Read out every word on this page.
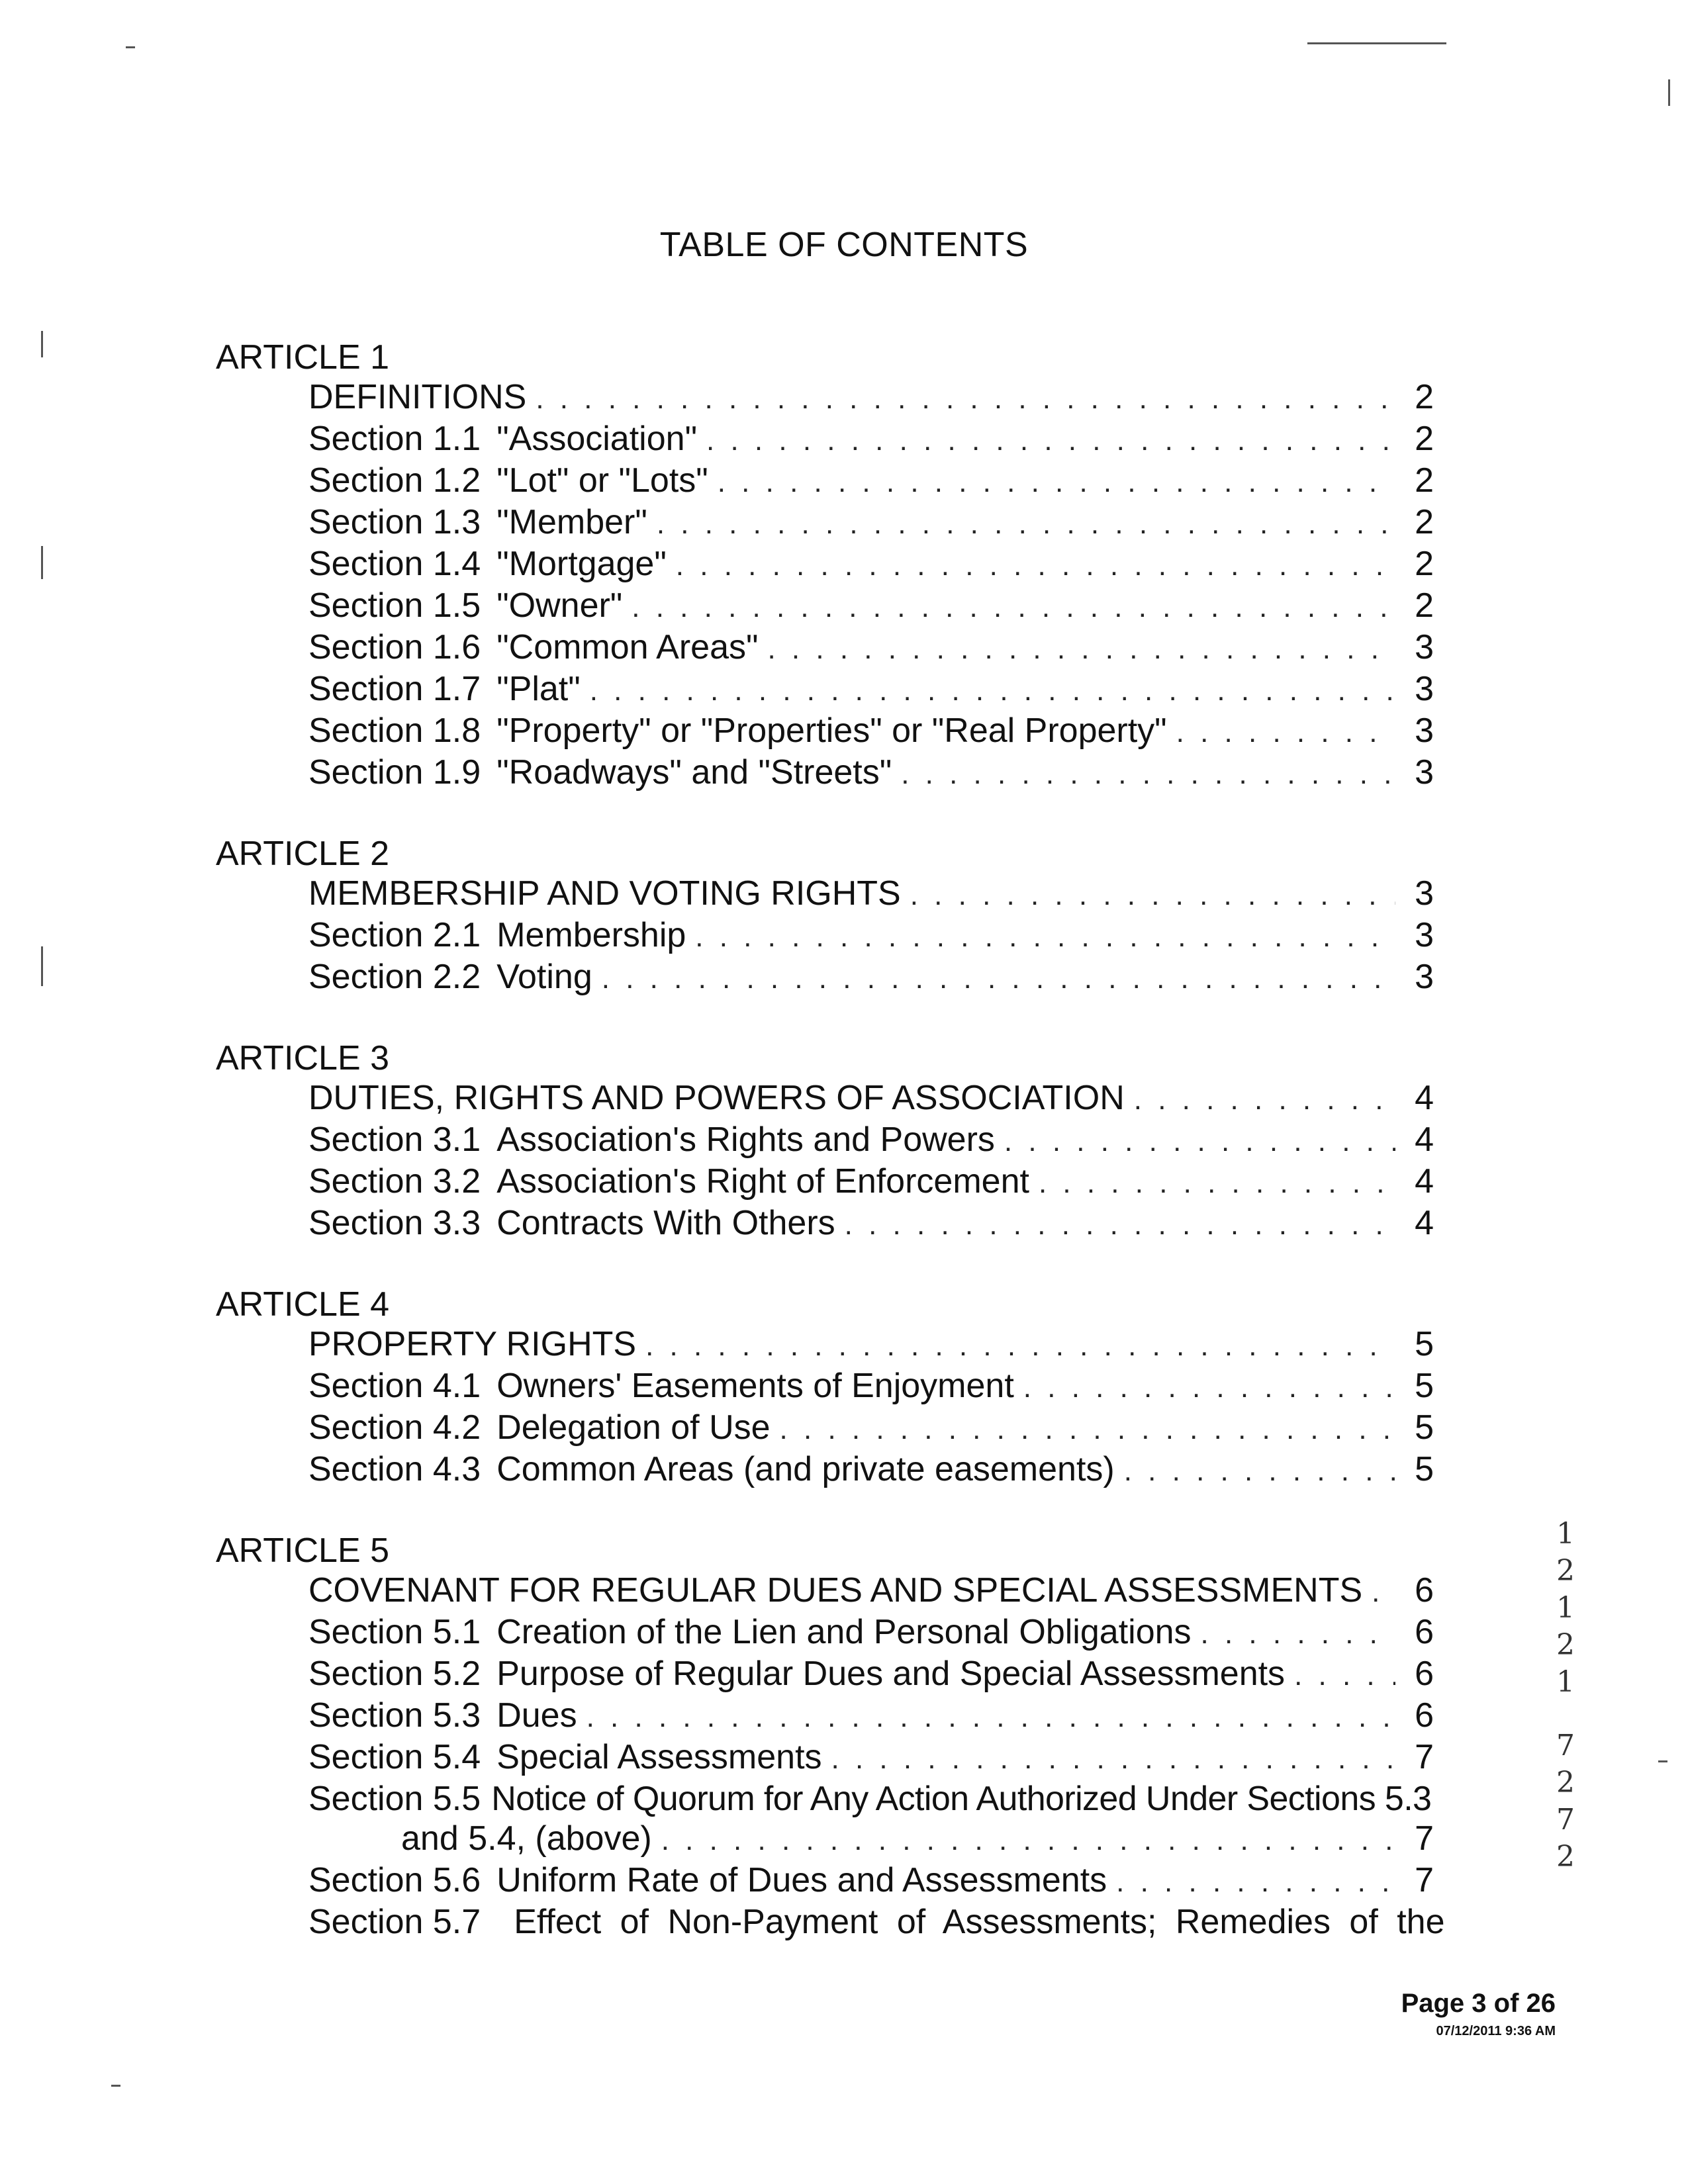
TABLE OF CONTENTS
ARTICLE 1
DEFINITIONS . . .	2
Section 1.1 "Association" . . .	2
Section 1.2 "Lot" or "Lots" . . .	2
Section 1.3 "Member" . . .	2
Section 1.4 "Mortgage" . . .	2
Section 1.5 "Owner" . . .	2
Section 1.6 "Common Areas" . . .	3
Section 1.7 "Plat" . . .	3
Section 1.8 "Property" or "Properties" or "Real Property" . . .	3
Section 1.9 "Roadways" and "Streets" . . .	3
ARTICLE 2
MEMBERSHIP AND VOTING RIGHTS . . .	3
Section 2.1 Membership . . .	3
Section 2.2 Voting . . .	3
ARTICLE 3
DUTIES, RIGHTS AND POWERS OF ASSOCIATION . . .	4
Section 3.1 Association's Rights and Powers . . .	4
Section 3.2 Association's Right of Enforcement . . .	4
Section 3.3 Contracts With Others . . .	4
ARTICLE 4
PROPERTY RIGHTS . . .	5
Section 4.1 Owners' Easements of Enjoyment . . .	5
Section 4.2 Delegation of Use . . .	5
Section 4.3 Common Areas (and private easements) . . .	5
ARTICLE 5
COVENANT FOR REGULAR DUES AND SPECIAL ASSESSMENTS . . . 6
Section 5.1 Creation of the Lien and Personal Obligations . . .	6
Section 5.2 Purpose of Regular Dues and Special Assessments . . .	6
Section 5.3 Dues . . .	6
Section 5.4 Special Assessments . . .	7
Section 5.5 Notice of Quorum for Any Action Authorized Under Sections 5.3
and 5.4, (above) . . .	7
Section 5.6 Uniform Rate of Dues and Assessments . . .	7
Section 5.7 Effect of Non-Payment of Assessments; Remedies of the
1
2
1
2
1
7
2
7
2
Page 3 of 26
07/12/2011 9:36 AM
